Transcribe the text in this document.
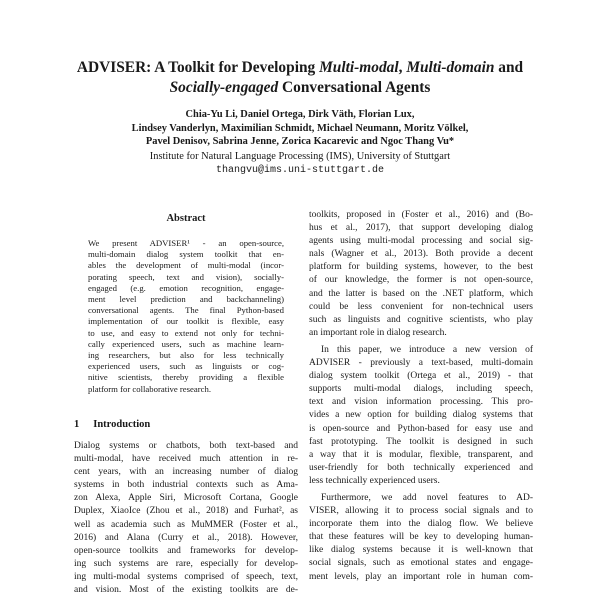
ADVISER: A Toolkit for Developing Multi-modal, Multi-domain and
Socially-engaged Conversational Agents
Chia-Yu Li, Daniel Ortega, Dirk Väth, Florian Lux,
Lindsey Vanderlyn, Maximilian Schmidt, Michael Neumann, Moritz Völkel,
Pavel Denisov, Sabrina Jenne, Zorica Kacarevic and Ngoc Thang Vu*
Institute for Natural Language Processing (IMS), University of Stuttgart
thangvu@ims.uni-stuttgart.de
Abstract
We present ADVISER¹ - an open-source,
multi-domain dialog system toolkit that en-
ables the development of multi-modal (incor-
porating speech, text and vision), socially-
engaged (e.g. emotion recognition, engage-
ment level prediction and backchanneling)
conversational agents. The final Python-based
implementation of our toolkit is flexible, easy
to use, and easy to extend not only for techni-
cally experienced users, such as machine learn-
ing researchers, but also for less technically
experienced users, such as linguists or cog-
nitive scientists, thereby providing a flexible
platform for collaborative research.
1 Introduction
Dialog systems or chatbots, both text-based and
multi-modal, have received much attention in re-
cent years, with an increasing number of dialog
systems in both industrial contexts such as Ama-
zon Alexa, Apple Siri, Microsoft Cortana, Google
Duplex, XiaoIce (Zhou et al., 2018) and Furhat², as
well as academia such as MuMMER (Foster et al.,
2016) and Alana (Curry et al., 2018). However,
open-source toolkits and frameworks for develop-
ing such systems are rare, especially for develop-
ing multi-modal systems comprised of speech, text,
and vision. Most of the existing toolkits are de-
toolkits, proposed in (Foster et al., 2016) and (Bo-
hus et al., 2017), that support developing dialog
agents using multi-modal processing and social sig-
nals (Wagner et al., 2013). Both provide a decent
platform for building systems, however, to the best
of our knowledge, the former is not open-source,
and the latter is based on the .NET platform, which
could be less convenient for non-technical users
such as linguists and cognitive scientists, who play
an important role in dialog research.
In this paper, we introduce a new version of
ADVISER - previously a text-based, multi-domain
dialog system toolkit (Ortega et al., 2019) - that
supports multi-modal dialogs, including speech,
text and vision information processing. This pro-
vides a new option for building dialog systems that
is open-source and Python-based for easy use and
fast prototyping. The toolkit is designed in such
a way that it is modular, flexible, transparent, and
user-friendly for both technically experienced and
less technically experienced users.
Furthermore, we add novel features to AD-
VISER, allowing it to process social signals and to
incorporate them into the dialog flow. We believe
that these features will be key to developing human-
like dialog systems because it is well-known that
social signals, such as emotional states and engage-
ment levels, play an important role in human com-
